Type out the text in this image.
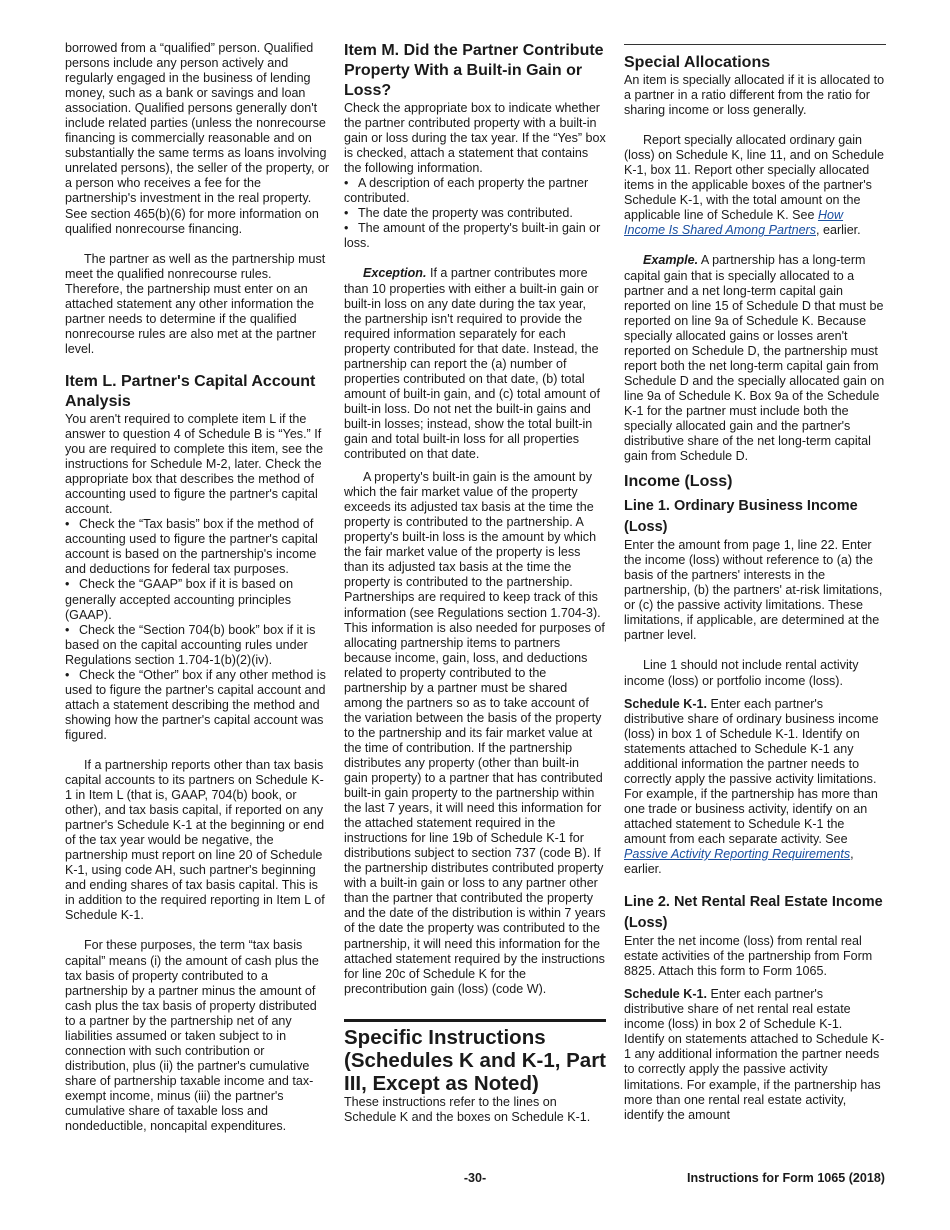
borrowed from a “qualified” person. Qualified persons include any person actively and regularly engaged in the business of lending money, such as a bank or savings and loan association. Qualified persons generally don't include related parties (unless the nonrecourse financing is commercially reasonable and on substantially the same terms as loans involving unrelated persons), the seller of the property, or a person who receives a fee for the partnership's investment in the real property. See section 465(b)(6) for more information on qualified nonrecourse financing.

The partner as well as the partnership must meet the qualified nonrecourse rules. Therefore, the partnership must enter on an attached statement any other information the partner needs to determine if the qualified nonrecourse rules are also met at the partner level.

Item L. Partner's Capital Account Analysis

You aren't required to complete item L if the answer to question 4 of Schedule B is “Yes.” If you are required to complete this item, see the instructions for Schedule M-2, later. Check the appropriate box that describes the method of accounting used to figure the partner's capital account.

• Check the “Tax basis” box if the method of accounting used to figure the partner's capital account is based on the partnership's income and deductions for federal tax purposes.

• Check the “GAAP” box if it is based on generally accepted accounting principles (GAAP).

• Check the “Section 704(b) book” box if it is based on the capital accounting rules under Regulations section 1.704-1(b)(2)(iv).

• Check the “Other” box if any other method is used to figure the partner's capital account and attach a statement describing the method and showing how the partner's capital account was figured.

If a partnership reports other than tax basis capital accounts to its partners on Schedule K-1 in Item L (that is, GAAP, 704(b) book, or other), and tax basis capital, if reported on any partner's Schedule K-1 at the beginning or end of the tax year would be negative, the partnership must report on line 20 of Schedule K-1, using code AH, such partner's beginning and ending shares of tax basis capital. This is in addition to the required reporting in Item L of Schedule K-1.

For these purposes, the term “tax basis capital” means (i) the amount of cash plus the tax basis of property contributed to a partnership by a partner minus the amount of cash plus the tax basis of property distributed to a partner by the partnership net of any liabilities assumed or taken subject to in connection with such contribution or distribution, plus (ii) the partner's cumulative share of partnership taxable income and tax-exempt income, minus (iii) the partner's cumulative share of taxable loss and nondeductible, noncapital expenditures.

Item M. Did the Partner Contribute Property With a Built-in Gain or Loss?

Check the appropriate box to indicate whether the partner contributed property with a built-in gain or loss during the tax year. If the “Yes” box is checked, attach a statement that contains the following information.

• A description of each property the partner contributed.

• The date the property was contributed.

• The amount of the property's built-in gain or loss.

Exception. If a partner contributes more than 10 properties with either a built-in gain or built-in loss on any date during the tax year, the partnership isn't required to provide the required information separately for each property contributed for that date. Instead, the partnership can report the (a) number of properties contributed on that date, (b) total amount of built-in gain, and (c) total amount of built-in loss. Do not net the built-in gains and built-in losses; instead, show the total built-in gain and total built-in loss for all properties contributed on that date.

A property's built-in gain is the amount by which the fair market value of the property exceeds its adjusted tax basis at the time the property is contributed to the partnership. A property's built-in loss is the amount by which the fair market value of the property is less than its adjusted tax basis at the time the property is contributed to the partnership. Partnerships are required to keep track of this information (see Regulations section 1.704-3). This information is also needed for purposes of allocating partnership items to partners because income, gain, loss, and deductions related to property contributed to the partnership by a partner must be shared among the partners so as to take account of the variation between the basis of the property to the partnership and its fair market value at the time of contribution. If the partnership distributes any property (other than built-in gain property) to a partner that has contributed built-in gain property to the partnership within the last 7 years, it will need this information for the attached statement required in the instructions for line 19b of Schedule K-1 for distributions subject to section 737 (code B). If the partnership distributes contributed property with a built-in gain or loss to any partner other than the partner that contributed the property and the date of the distribution is within 7 years of the date the property was contributed to the partnership, it will need this information for the attached statement required by the instructions for line 20c of Schedule K for the precontribution gain (loss) (code W).

Specific Instructions (Schedules K and K-1, Part III, Except as Noted)

These instructions refer to the lines on Schedule K and the boxes on Schedule K-1.

Special Allocations

An item is specially allocated if it is allocated to a partner in a ratio different from the ratio for sharing income or loss generally.

Report specially allocated ordinary gain (loss) on Schedule K, line 11, and on Schedule K-1, box 11. Report other specially allocated items in the applicable boxes of the partner's Schedule K-1, with the total amount on the applicable line of Schedule K. See How Income Is Shared Among Partners, earlier.

Example. A partnership has a long-term capital gain that is specially allocated to a partner and a net long-term capital gain reported on line 15 of Schedule D that must be reported on line 9a of Schedule K. Because specially allocated gains or losses aren't reported on Schedule D, the partnership must report both the net long-term capital gain from Schedule D and the specially allocated gain on line 9a of Schedule K. Box 9a of the Schedule K-1 for the partner must include both the specially allocated gain and the partner's distributive share of the net long-term capital gain from Schedule D.

Income (Loss)
Line 1. Ordinary Business Income (Loss)

Enter the amount from page 1, line 22. Enter the income (loss) without reference to (a) the basis of the partners' interests in the partnership, (b) the partners' at-risk limitations, or (c) the passive activity limitations. These limitations, if applicable, are determined at the partner level.

Line 1 should not include rental activity income (loss) or portfolio income (loss).

Schedule K-1. Enter each partner's distributive share of ordinary business income (loss) in box 1 of Schedule K-1. Identify on statements attached to Schedule K-1 any additional information the partner needs to correctly apply the passive activity limitations. For example, if the partnership has more than one trade or business activity, identify on an attached statement to Schedule K-1 the amount from each separate activity. See Passive Activity Reporting Requirements, earlier.

Line 2. Net Rental Real Estate Income (Loss)

Enter the net income (loss) from rental real estate activities of the partnership from Form 8825. Attach this form to Form 1065.

Schedule K-1. Enter each partner's distributive share of net rental real estate income (loss) in box 2 of Schedule K-1. Identify on statements attached to Schedule K-1 any additional information the partner needs to correctly apply the passive activity limitations. For example, if the partnership has more than one rental real estate activity, identify the amount

-30-	Instructions for Form 1065 (2018)
